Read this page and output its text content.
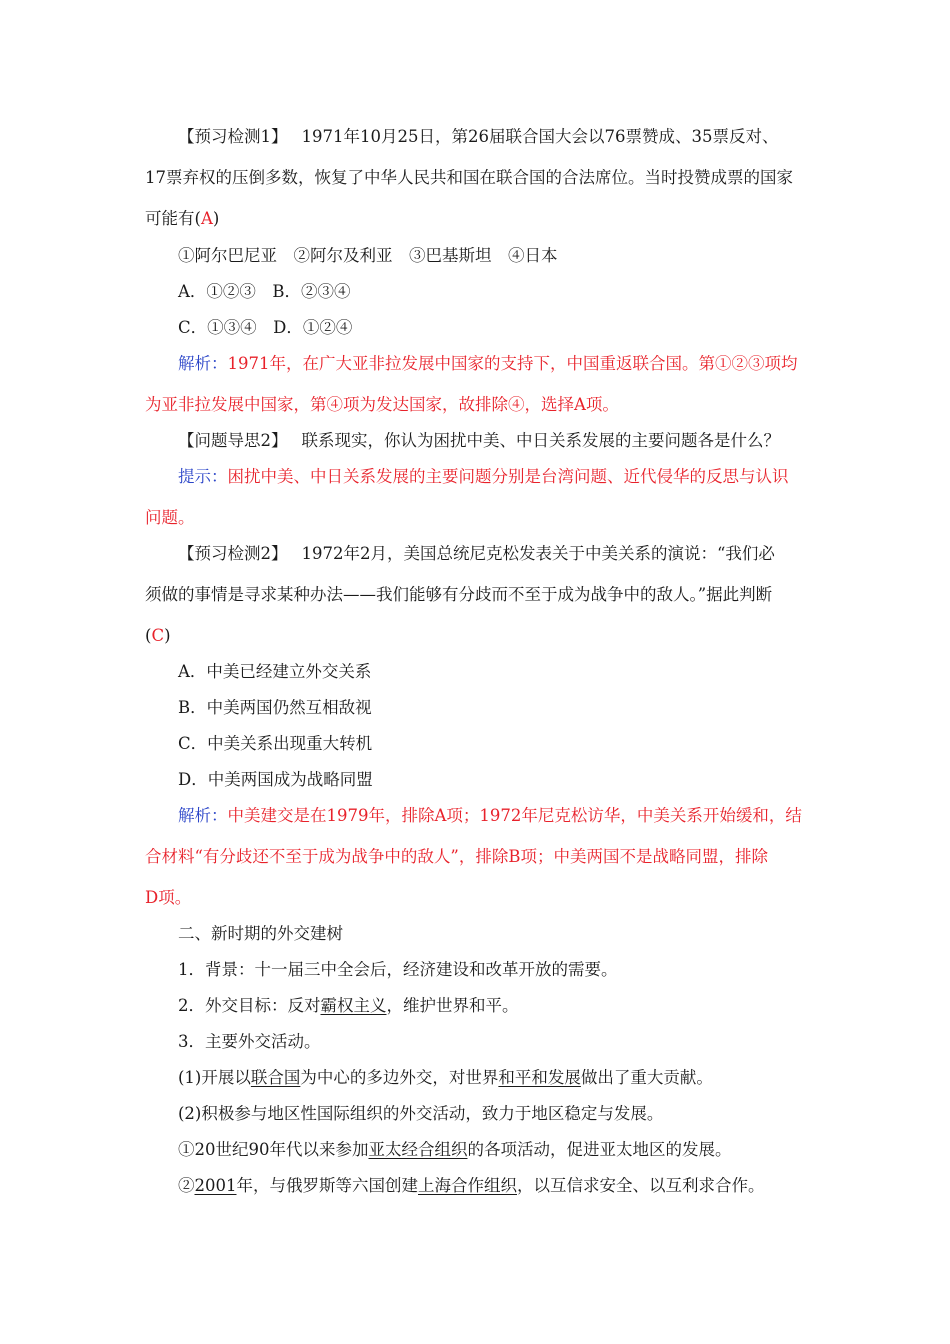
【预习检测1】 1971年10月25日，第26届联合国大会以76票赞成、35票反对、
17票弃权的压倒多数，恢复了中华人民共和国在联合国的合法席位。当时投赞成票的国家
可能有(A)
①阿尔巴尼亚　②阿尔及利亚　③巴基斯坦　④日本
A．①②③　B．②③④
C．①③④　D．①②④
解析：1971年，在广大亚非拉发展中国家的支持下，中国重返联合国。第①②③项均
为亚非拉发展中国家，第④项为发达国家，故排除④，选择A项。
【问题导思2】 联系现实，你认为困扰中美、中日关系发展的主要问题各是什么？
提示：困扰中美、中日关系发展的主要问题分别是台湾问题、近代侵华的反思与认识
问题。
【预习检测2】 1972年2月，美国总统尼克松发表关于中美关系的演说：“我们必
须做的事情是寻求某种办法——我们能够有分歧而不至于成为战争中的敌人。”据此判断
(C)
A．中美已经建立外交关系
B．中美两国仍然互相敌视
C．中美关系出现重大转机
D．中美两国成为战略同盟
解析：中美建交是在1979年，排除A项；1972年尼克松访华，中美关系开始缓和，结
合材料“有分歧还不至于成为战争中的敌人”，排除B项；中美两国不是战略同盟，排除
D项。
二、新时期的外交建树
1．背景：十一届三中全会后，经济建设和改革开放的需要。
2．外交目标：反对霸权主义，维护世界和平。
3．主要外交活动。
(1)开展以联合国为中心的多边外交，对世界和平和发展做出了重大贡献。
(2)积极参与地区性国际组织的外交活动，致力于地区稳定与发展。
①20世纪90年代以来参加亚太经合组织的各项活动，促进亚太地区的发展。
②2001年，与俄罗斯等六国创建上海合作组织，以互信求安全、以互利求合作。
